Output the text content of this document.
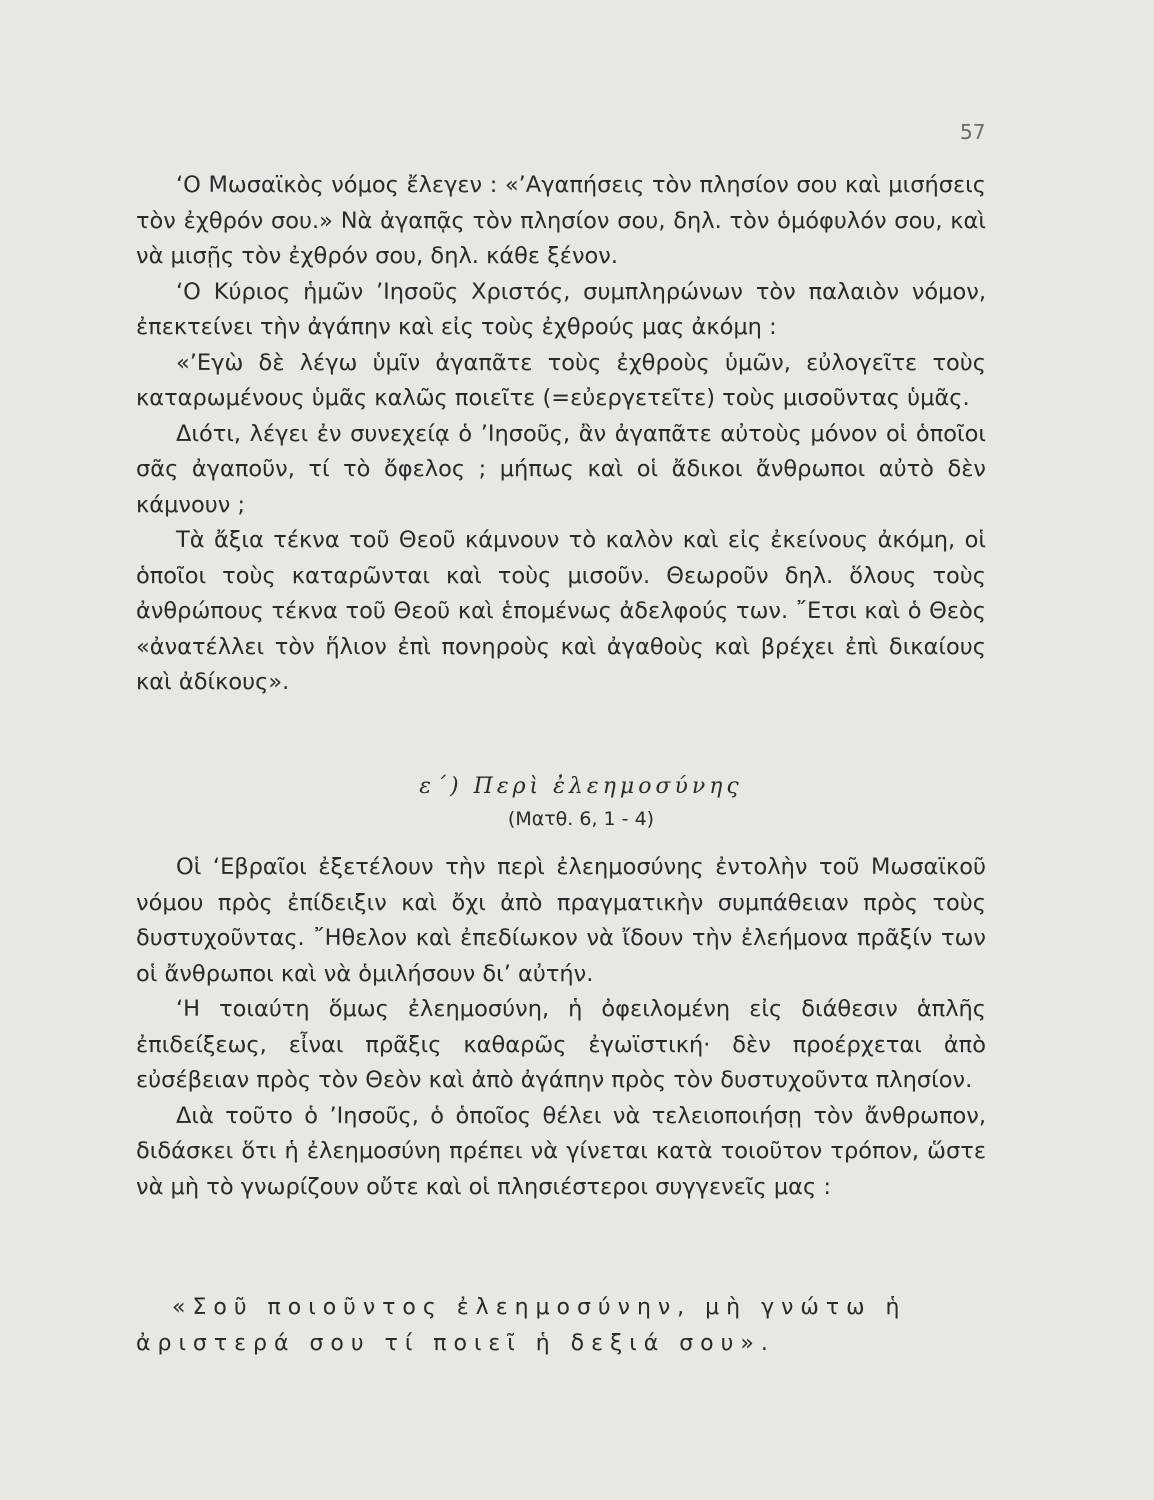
57

‘Ο Μωσαϊκὸς νόμος ἔλεγεν : «’Αγαπήσεις τὸν πλησίον σου καὶ μισήσεις τὸν ἐχθρόν σου.» Νὰ ἀγαπᾷς τὸν πλησίον σου, δηλ. τὸν ὁμόφυλόν σου, καὶ νὰ μισῇς τὸν ἐχθρόν σου, δηλ. κάθε ξένον.

‘Ο Κύριος ἡμῶν ’Ιησοῦς Χριστός, συμπληρώνων τὸν παλαιὸν νόμον, ἐπεκτείνει τὴν ἀγάπην καὶ εἰς τοὺς ἐχθρούς μας ἀκόμη :

«’Εγὼ δὲ λέγω ὑμῖν ἀγαπᾶτε τοὺς ἐχθροὺς ὑμῶν, εὐλογεῖτε τοὺς καταρωμένους ὑμᾶς καλῶς ποιεῖτε (=εὐεργετεῖτε) τοὺς μισοῦντας ὑμᾶς.

Διότι, λέγει ἐν συνεχείᾳ ὁ ’Ιησοῦς, ἂν ἀγαπᾶτε αὐτοὺς μόνον οἱ ὁποῖοι σᾶς ἀγαποῦν, τί τὸ ὄφελος ; μήπως καὶ οἱ ἄδικοι ἄνθρωποι αὐτὸ δὲν κάμνουν ;

Τὰ ἄξια τέκνα τοῦ Θεοῦ κάμνουν τὸ καλὸν καὶ εἰς ἐκείνους ἀκόμη, οἱ ὁποῖοι τοὺς καταρῶνται καὶ τοὺς μισοῦν. Θεωροῦν δηλ. ὅλους τοὺς ἀνθρώπους τέκνα τοῦ Θεοῦ καὶ ἑπομένως ἀδελφούς των. ῎Ετσι καὶ ὁ Θεὸς «ἀνατέλλει τὸν ἥλιον ἐπὶ πονηροὺς καὶ ἀγαθοὺς καὶ βρέχει ἐπὶ δικαίους καὶ ἀδίκους».

ε΄) Περὶ ἐλεημοσύνης
(Ματθ. 6, 1 - 4)

Οἱ ‘Εβραῖοι ἐξετέλουν τὴν περὶ ἐλεημοσύνης ἐντολὴν τοῦ Μωσαϊκοῦ νόμου πρὸς ἐπίδειξιν καὶ ὄχι ἀπὸ πραγματικὴν συμπάθειαν πρὸς τοὺς δυστυχοῦντας. ῎Ηθελον καὶ ἐπεδίωκον νὰ ἴδουν τὴν ἐλεήμονα πρᾶξίν των οἱ ἄνθρωποι καὶ νὰ ὁμιλήσουν δι’ αὐτήν.

‘Η τοιαύτη ὅμως ἐλεημοσύνη, ἡ ὀφειλομένη εἰς διάθεσιν ἁπλῆς ἐπιδείξεως, εἶναι πρᾶξις καθαρῶς ἐγωϊστική· δὲν προέρχεται ἀπὸ εὐσέβειαν πρὸς τὸν Θεὸν καὶ ἀπὸ ἀγάπην πρὸς τὸν δυστυχοῦντα πλησίον.

Διὰ τοῦτο ὁ ’Ιησοῦς, ὁ ὁποῖος θέλει νὰ τελειοποιήσῃ τὸν ἄνθρωπον, διδάσκει ὅτι ἡ ἐλεημοσύνη πρέπει νὰ γίνεται κατὰ τοιοῦτον τρόπον, ὥστε νὰ μὴ τὸ γνωρίζουν οὔτε καὶ οἱ πλησιέστεροι συγγενεῖς μας :

«Σοῦ ποιοῦντος ἐλεημοσύνην, μὴ γνώτω ἡ ἀριστερά σου τί ποιεῖ ἡ δεξιά σου».
